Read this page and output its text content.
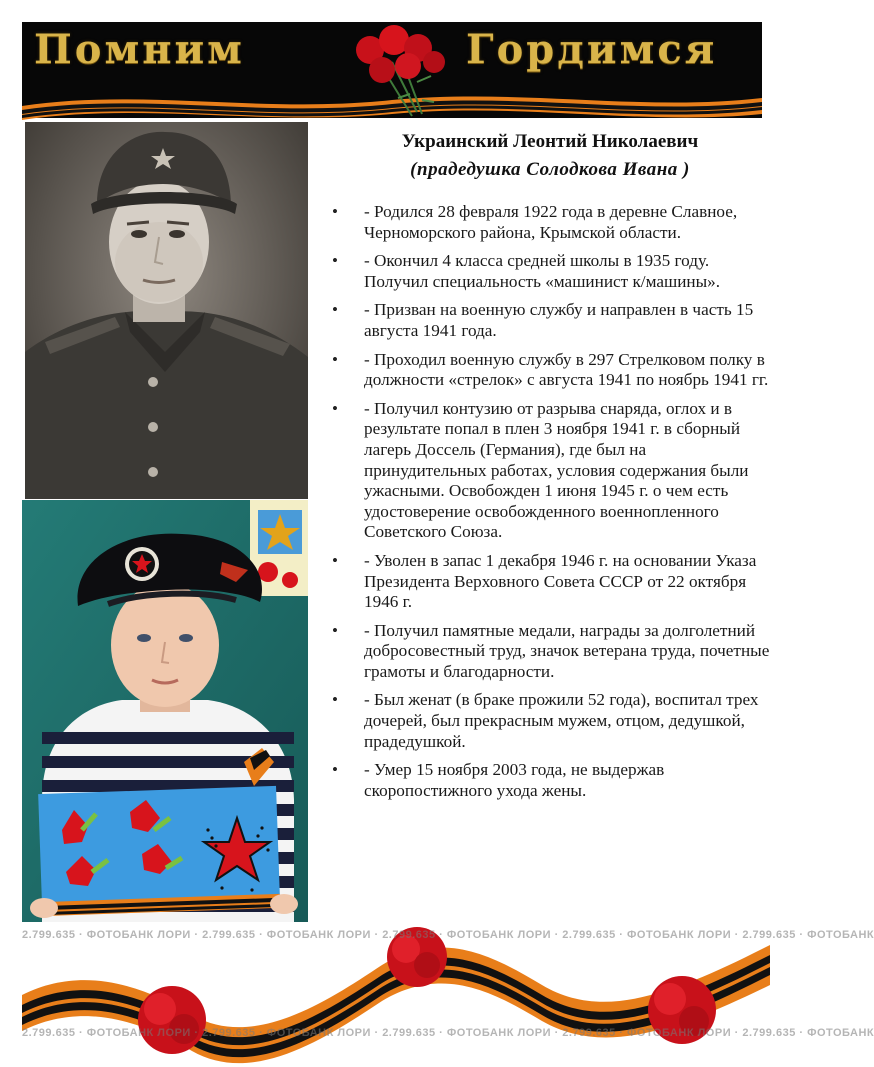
Помним	Гордимся

Украинский Леонтий Николаевич

(прадедушка Солодкова Ивана )

• - Родился 28 февраля 1922 года в деревне Славное, Черноморского района, Крымской области.
• - Окончил 4 класса средней школы в 1935 году. Получил специальность «машинист к/машины».
• - Призван на военную службу и направлен в часть 15 августа 1941 года.
• - Проходил военную службу в 297 Стрелковом полку в должности «стрелок» с августа 1941 по ноябрь 1941 гг.
• - Получил контузию от разрыва снаряда, оглох и в результате попал в плен 3 ноября 1941 г. в сборный лагерь Доссель (Германия), где был на принудительных работах, условия содержания были ужасными. Освобожден 1 июня 1945 г. о чем есть удостоверение освобожденного военнопленного Советского Союза.
• - Уволен в запас 1 декабря 1946 г. на основании Указа Президента Верховного Совета СССР от 22 октября 1946 г.
• - Получил памятные медали, награды за долголетний добросовестный труд, значок ветерана труда, почетные грамоты и благодарности.
• - Был женат (в браке прожили 52 года), воспитал трех дочерей, был прекрасным мужем, отцом, дедушкой, прадедушкой.
• - Умер 15 ноября 2003 года, не выдержав скоропостижного ухода жены.
2.799.635 · ФОТОБАНК ЛОРИ · 2.799.635 · ФОТОБАНК ЛОРИ · 2.799.635 · ФОТОБАНК ЛОРИ · 2.799.635 · ФОТОБАНК ЛОРИ · 2.799.635 · ФОТОБАНК
2.799.635 · ФОТОБАНК ЛОРИ · 2.799.635 · ФОТОБАНК ЛОРИ · 2.799.635 · ФОТОБАНК ЛОРИ · 2.799.635 · ФОТОБАНК ЛОРИ · 2.799.635 · ФОТОБАНК
